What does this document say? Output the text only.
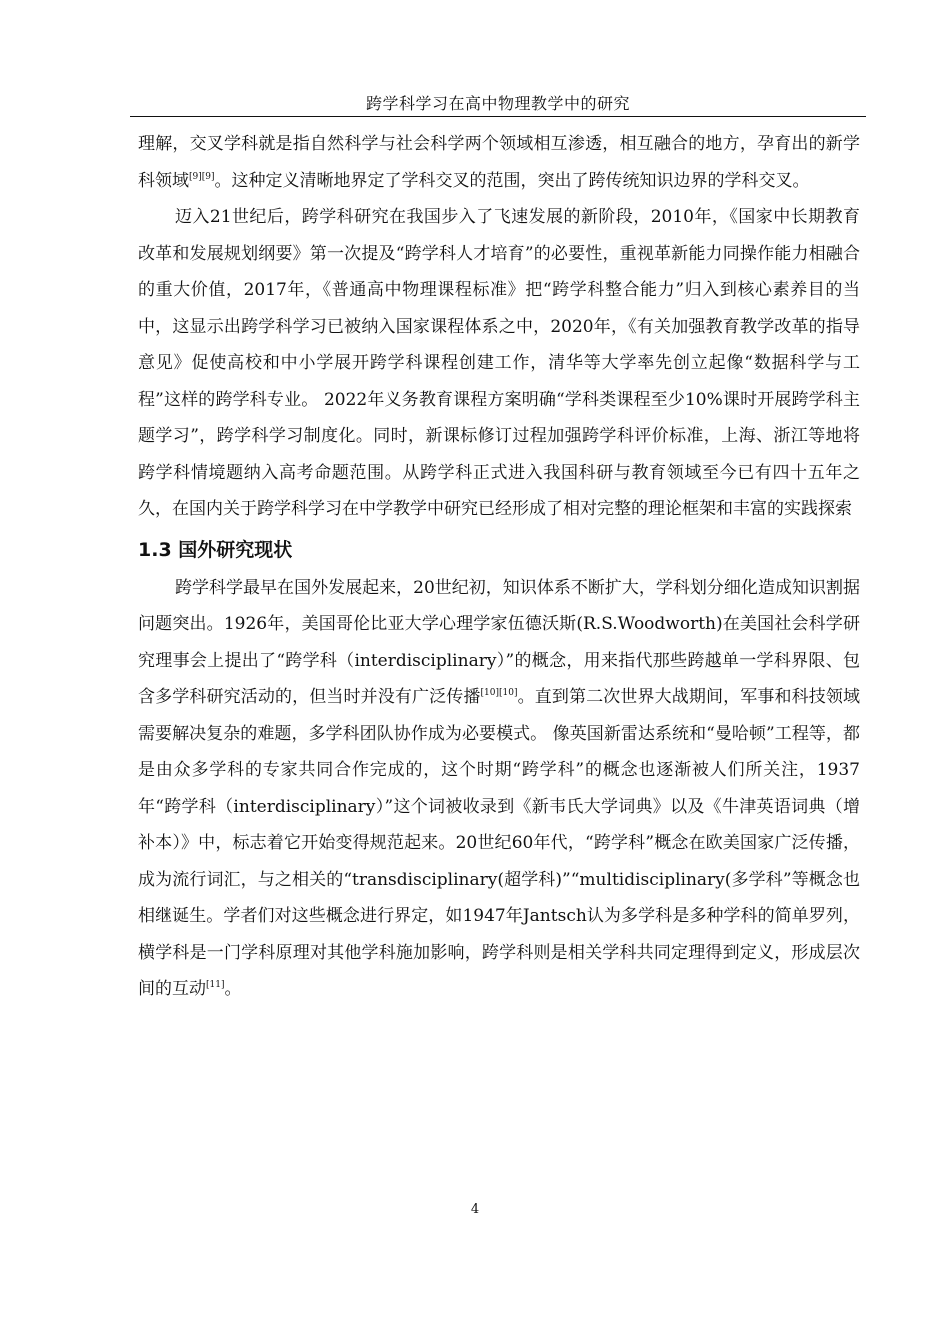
跨学科学习在高中物理教学中的研究

理解，交叉学科就是指自然科学与社会科学两个领域相互渗透，相互融合的地方，孕育出的新学科领域[9][9]。这种定义清晰地界定了学科交叉的范围，突出了跨传统知识边界的学科交叉。

迈入21世纪后，跨学科研究在我国步入了飞速发展的新阶段，2010年，《国家中长期教育改革和发展规划纲要》第一次提及“跨学科人才培育”的必要性，重视革新能力同操作能力相融合的重大价值，2017年，《普通高中物理课程标准》把“跨学科整合能力”归入到核心素养目的当中，这显示出跨学科学习已被纳入国家课程体系之中，2020年，《有关加强教育教学改革的指导意见》促使高校和中小学展开跨学科课程创建工作，清华等大学率先创立起像“数据科学与工程”这样的跨学科专业。 2022年义务教育课程方案明确“学科类课程至少10%课时开展跨学科主题学习”，跨学科学习制度化。同时，新课标修订过程加强跨学科评价标准，上海、浙江等地将跨学科情境题纳入高考命题范围。从跨学科正式进入我国科研与教育领域至今已有四十五年之久，在国内关于跨学科学习在中学教学中研究已经形成了相对完整的理论框架和丰富的实践探索

1.3 国外研究现状

跨学科学最早在国外发展起来，20世纪初，知识体系不断扩大，学科划分细化造成知识割据问题突出。1926年，美国哥伦比亚大学心理学家伍德沃斯(R.S.Woodworth)在美国社会科学研究理事会上提出了“跨学科（interdisciplinary）”的概念，用来指代那些跨越单一学科界限、包含多学科研究活动的，但当时并没有广泛传播[10][10]。直到第二次世界大战期间，军事和科技领域需要解决复杂的难题，多学科团队协作成为必要模式。 像英国新雷达系统和“曼哈顿”工程等，都是由众多学科的专家共同合作完成的，这个时期“跨学科”的概念也逐渐被人们所关注，1937年“跨学科（interdisciplinary）”这个词被收录到《新韦氏大学词典》以及《牛津英语词典（增补本）》中，标志着它开始变得规范起来。20世纪60年代，“跨学科”概念在欧美国家广泛传播，成为流行词汇，与之相关的“transdisciplinary(超学科)”“multidisciplinary(多学科”等概念也相继诞生。学者们对这些概念进行界定，如1947年Jantsch认为多学科是多种学科的简单罗列，横学科是一门学科原理对其他学科施加影响，跨学科则是相关学科共同定理得到定义，形成层次间的互动[11]。

4
